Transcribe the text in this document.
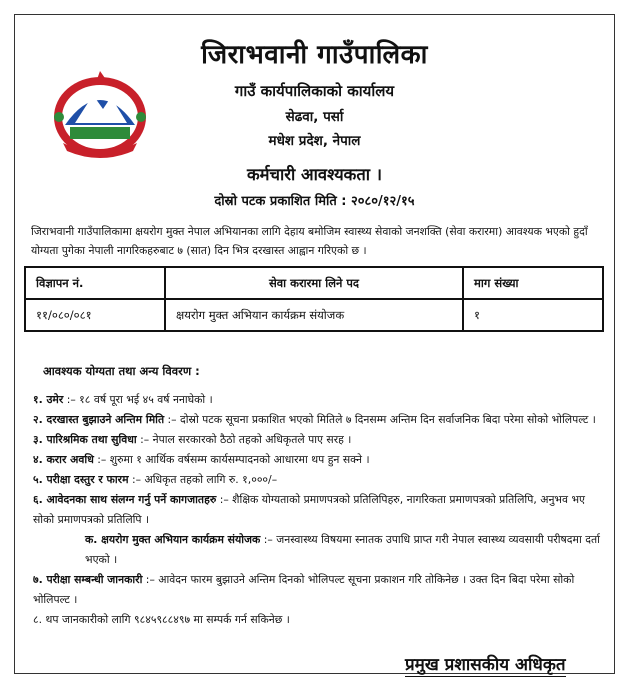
जिराभवानी गाउँपालिका
गाउँ कार्यपालिकाको कार्यालय
सेढवा, पर्सा
मधेश प्रदेश, नेपाल
कर्मचारी आवश्यकता ।
दोस्रो पटक प्रकाशित मिति : २०८०/१२/१५
जिराभवानी गाउँपालिकामा क्षयरोग मुक्त नेपाल अभियानका लागि देहाय बमोजिम स्वास्थ्य सेवाको जनशक्ति (सेवा करारमा) आवश्यक भएको हुदाँ योग्यता पुगेका नेपाली नागरिकहरुबाट ७ (सात) दिन भित्र दरखास्त आह्वान गरिएको छ ।
आवश्यक योग्यता तथा अन्य विवरण :

१. उमेर :– १८ वर्ष पूरा भई ४५ वर्ष ननाघेको ।

२. दरखास्त बुझाउने अन्तिम मिति :– दोस्रो पटक सूचना प्रकाशित भएको मितिले ७ दिनसम्म अन्तिम दिन सर्वाजनिक बिदा परेमा सोको भोलिपल्ट ।

३. पारिश्रमिक तथा सुविधा :– नेपाल सरकारको ठैठो तहको अधिकृतले पाए सरह ।

४. करार अवधि :– शुरुमा १ आर्थिक वर्षसम्म कार्यसम्पादनको आधारमा थप हुन सक्ने ।

५. परीक्षा दस्तुर र फारम :– अधिकृत तहको लागि रु. १,०००/–

६. आवेदनका साथ संलग्न गर्नु पर्ने कागजातहरु :– शैक्षिक योग्यताको प्रमाणपत्रको प्रतिलिपिहरु, नागरिकता प्रमाणपत्रको प्रतिलिपि, अनुभव भए सोको प्रमाणपत्रको प्रतिलिपि ।

क. क्षयरोग मुक्त अभियान कार्यक्रम संयोजक :– जनस्वास्थ्य विषयमा स्नातक उपाधि प्राप्त गरी नेपाल स्वास्थ्य व्यवसायी परीषदमा दर्ता भएको ।

७. परीक्षा सम्बन्धी जानकारी :– आवेदन फारम बुझाउने अन्तिम दिनको भोलिपल्ट सूचना प्रकाशन गरि तोकिनेछ । उक्त दिन बिदा परेमा सोको भोलिपल्ट ।

८. थप जानकारीको लागि ९८४५९८८४९७ मा सम्पर्क गर्न सकिनेछ ।

प्रमुख प्रशासकीय अधिकृत
विज्ञापन नं.	सेवा करारमा लिने पद	माग संख्या
११/०८०/०८१	क्षयरोग मुक्त अभियान कार्यक्रम संयोजक	१
